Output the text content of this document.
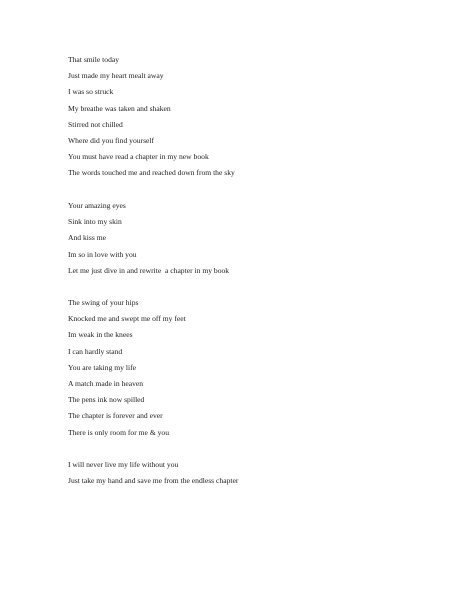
That smile today
Just made my heart mealt away
I was so struck
My breathe was taken and shaken
Stirred not chilled
Where did you find yourself
You must have read a chapter in my new book
The words touched me and reached down from the sky
Your amazing eyes
Sink into my skin
And kiss me
Im so in love with you
Let me just dive in and rewrite  a chapter in my book
The swing of your hips
Knocked me and swept me off my feet
Im weak in the knees
I can hardly stand
You are taking my life
A match made in heaven
The pens ink now spilled
The chapter is forever and ever
There is only room for me & you
I will never live my life without you
Just take my hand and save me from the endless chapter
